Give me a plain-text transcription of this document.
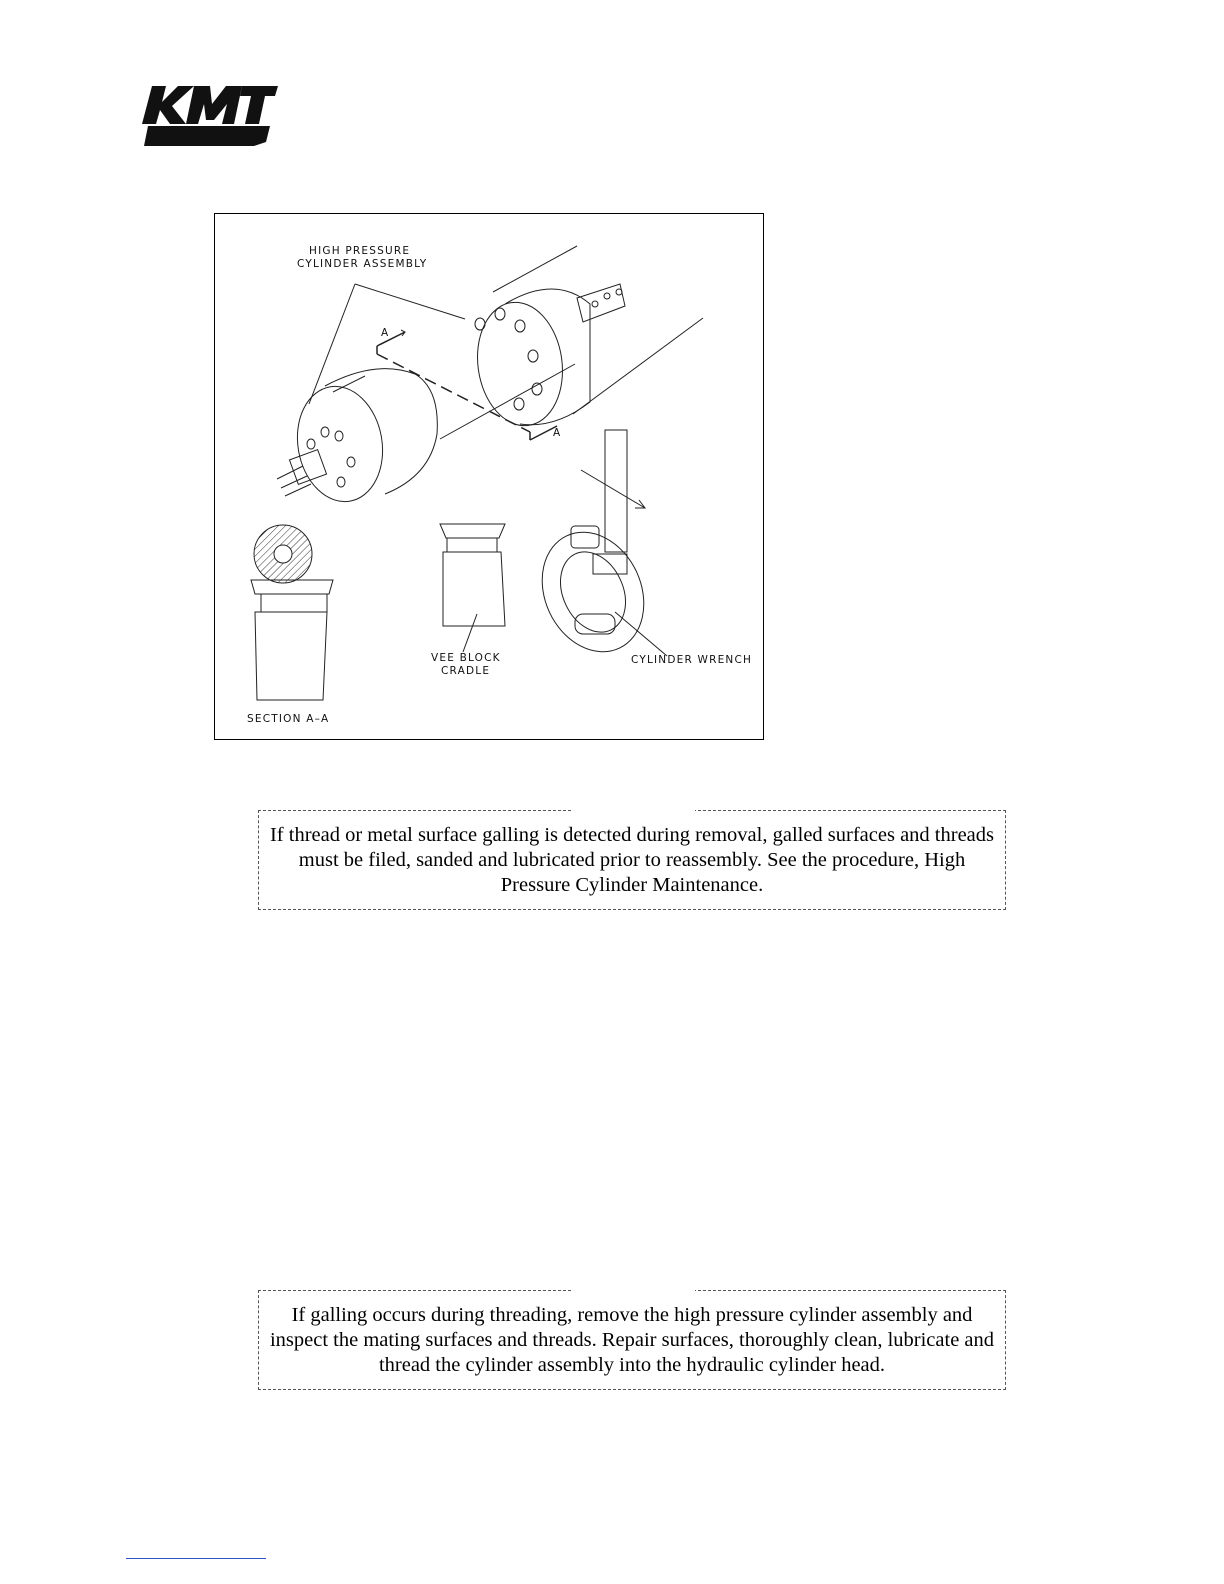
HIGH PRESSURE
CYLINDER ASSEMBLY
A
A
SECTION A–A
VEE BLOCK
CRADLE
CYLINDER WRENCH
If thread or metal surface galling is detected during removal, galled surfaces and threads must be filed, sanded and lubricated prior to reassembly. See the procedure, High Pressure Cylinder Maintenance.
If galling occurs during threading, remove the high pressure cylinder assembly and inspect the mating surfaces and threads. Repair surfaces, thoroughly clean, lubricate and thread the cylinder assembly into the hydraulic cylinder head.
